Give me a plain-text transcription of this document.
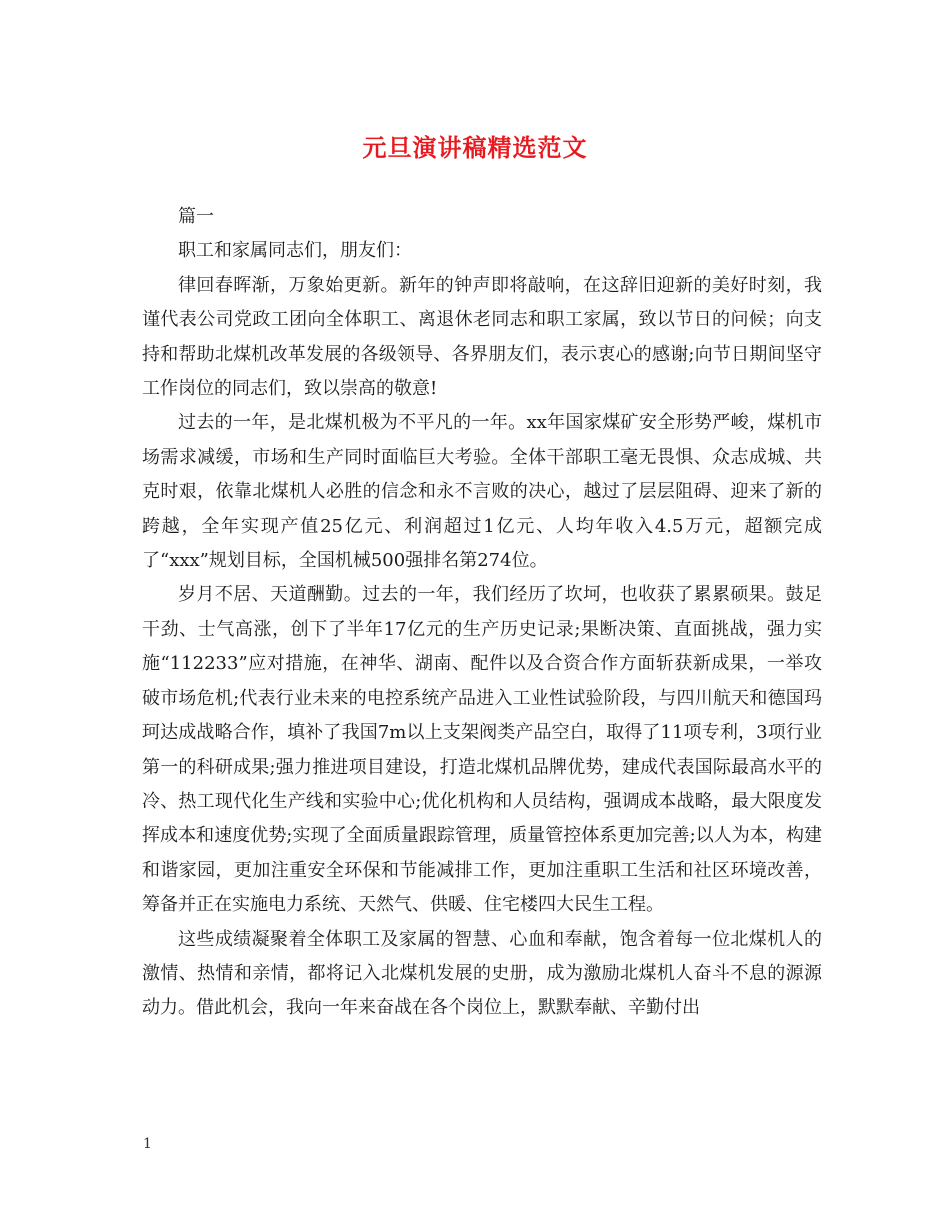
元旦演讲稿精选范文

篇一

职工和家属同志们，朋友们：

律回春晖渐，万象始更新。新年的钟声即将敲响，在这辞旧迎新的美好时刻，我谨代表公司党政工团向全体职工、离退休老同志和职工家属，致以节日的问候；向支持和帮助北煤机改革发展的各级领导、各界朋友们，表示衷心的感谢;向节日期间坚守工作岗位的同志们，致以崇高的敬意!

过去的一年，是北煤机极为不平凡的一年。xx年国家煤矿安全形势严峻，煤机市场需求减缓，市场和生产同时面临巨大考验。全体干部职工毫无畏惧、众志成城、共克时艰，依靠北煤机人必胜的信念和永不言败的决心，越过了层层阻碍、迎来了新的跨越，全年实现产值25亿元、利润超过1亿元、人均年收入4.5万元，超额完成了“xxx”规划目标，全国机械500强排名第274位。

岁月不居、天道酬勤。过去的一年，我们经历了坎坷，也收获了累累硕果。鼓足干劲、士气高涨，创下了半年17亿元的生产历史记录;果断决策、直面挑战，强力实施“112233”应对措施，在神华、湖南、配件以及合资合作方面斩获新成果，一举攻破市场危机;代表行业未来的电控系统产品进入工业性试验阶段，与四川航天和德国玛珂达成战略合作，填补了我国7m以上支架阀类产品空白，取得了11项专利，3项行业第一的科研成果;强力推进项目建设，打造北煤机品牌优势，建成代表国际最高水平的冷、热工现代化生产线和实验中心;优化机构和人员结构，强调成本战略，最大限度发挥成本和速度优势;实现了全面质量跟踪管理，质量管控体系更加完善;以人为本，构建和谐家园，更加注重安全环保和节能减排工作，更加注重职工生活和社区环境改善，筹备并正在实施电力系统、天然气、供暖、住宅楼四大民生工程。

这些成绩凝聚着全体职工及家属的智慧、心血和奉献，饱含着每一位北煤机人的激情、热情和亲情，都将记入北煤机发展的史册，成为激励北煤机人奋斗不息的源源动力。借此机会，我向一年来奋战在各个岗位上，默默奉献、辛勤付出

1
